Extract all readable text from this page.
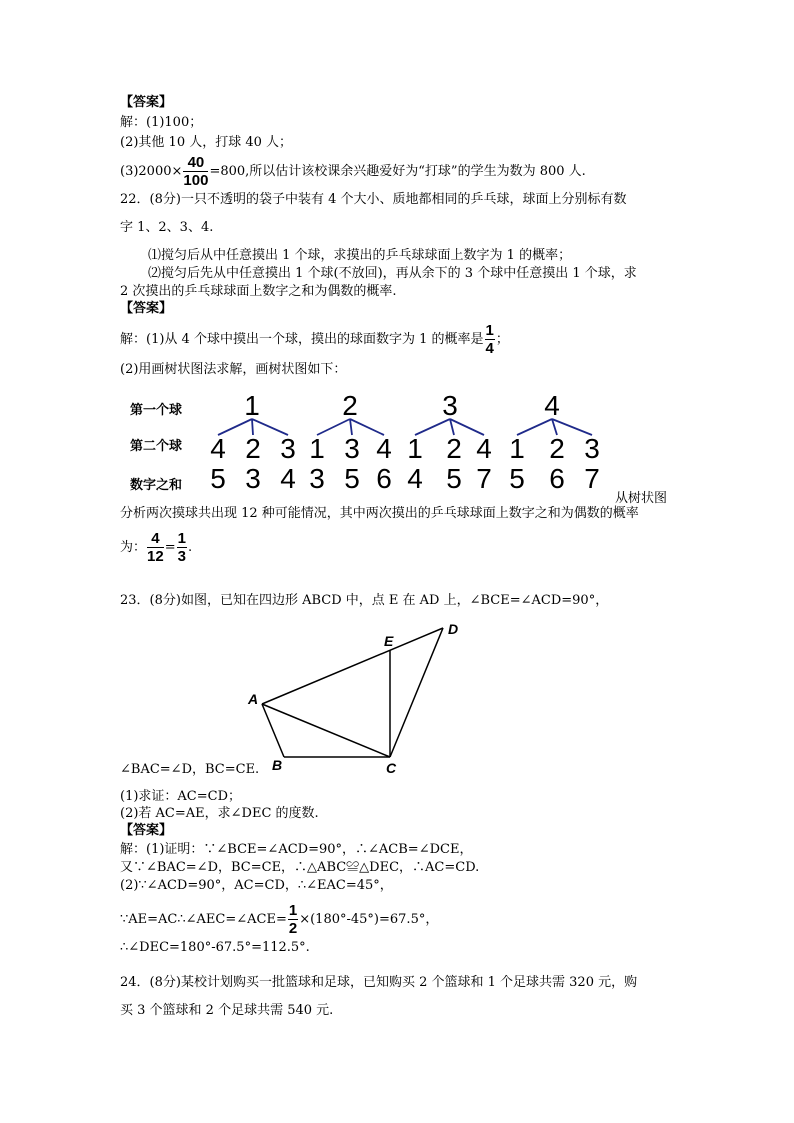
【答案】
解：(1)100；
(2)其他 10 人，打球 40 人；
$(3)2000\times \frac{40}{100} =800$,所以估计该校课余兴趣爱好为“打球”的学生为数为 800 人.
22．(8分)一只不透明的袋子中装有 4 个大小、质地都相同的乒乓球，球面上分别标有数
字 1、2、3、4.
⑴搅匀后从中任意摸出 1 个球，求摸出的乒乓球球面上数字为 1 的概率；
⑵搅匀后先从中任意摸出 1 个球(不放回)，再从余下的 3 个球中任意摸出 1 个球，求
2 次摸出的乒乓球球面上数字之和为偶数的概率.
【答案】
解：(1)从 4 个球中摸出一个球，摸出的球面数字为 1 的概率是 $\frac{1}{4}$ ；
(2)用画树状图法求解，画树状图如下：
第一个球
第二个球
数字之和
1
4
5
2
3
3
4
2
1
3
3
5
4
6
3
1
4
2
5
4
7
4
1
5
2
6
3
7
从树状图
分析两次摸球共出现 12 种可能情况，其中两次摸出的乒乓球球面上数字之和为偶数的概率
为： $\frac{4}{12} = \frac{1}{3}$ .
23．(8分)如图，已知在四边形 ABCD 中，点 E 在 AD 上，∠BCE=∠ACD=90°，
A
B	C
D
E
∠BAC=∠D，BC=CE.
(1)求证：AC=CD；
(2)若 AC=AE，求∠DEC 的度数.
【答案】
解：(1)证明：∵∠BCE=∠ACD=90°，∴∠ACB=∠DCE，
又∵∠BAC=∠D，BC=CE，∴△ABC≌△DEC，∴AC=CD.
(2)∵∠ACD=90°，AC=CD，∴∠EAC=45°，
∵AE=AC∴∠AEC=∠ACE= $\frac{1}{2} \times(180^\circ-45^\circ)=67.5^\circ$，
∴∠DEC=180°-67.5°=112.5°.
24．(8分)某校计划购买一批篮球和足球，已知购买 2 个篮球和 1 个足球共需 320 元，购
买 3 个篮球和 2 个足球共需 540 元.
